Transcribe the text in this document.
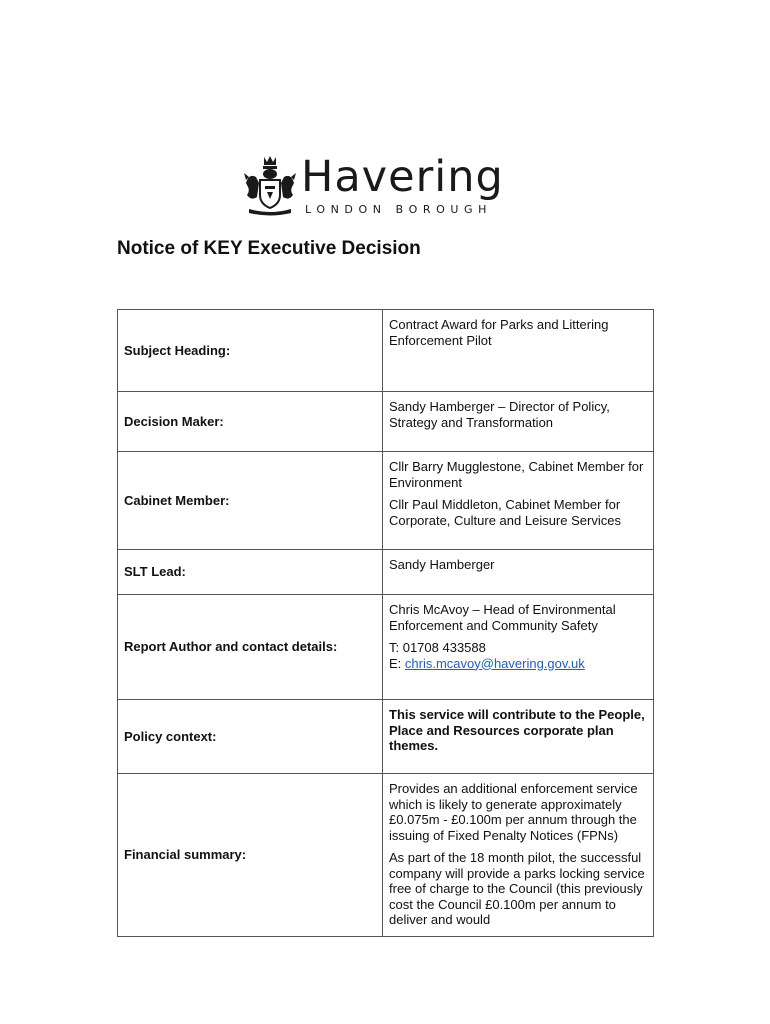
Havering
LONDON BOROUGH
Notice of KEY Executive Decision
Subject Heading:	Contract Award for Parks and Littering Enforcement Pilot

Decision Maker:	Sandy Hamberger – Director of Policy, Strategy and Transformation

Cabinet Member:	Cllr Barry Mugglestone, Cabinet Member for Environment

Cllr Paul Middleton, Cabinet Member for Corporate, Culture and Leisure Services

SLT Lead:	Sandy Hamberger

Report Author and contact details:	Chris McAvoy – Head of Environmental Enforcement and Community Safety

T: 01708 433588
E: chris.mcavoy@havering.gov.uk

Policy context:	This service will contribute to the People, Place and Resources corporate plan themes.

Financial summary:	Provides an additional enforcement service which is likely to generate approximately £0.075m - £0.100m per annum through the issuing of Fixed Penalty Notices (FPNs)

As part of the 18 month pilot, the successful company will provide a parks locking service free of charge to the Council (this previously cost the Council £0.100m per annum to deliver and would
